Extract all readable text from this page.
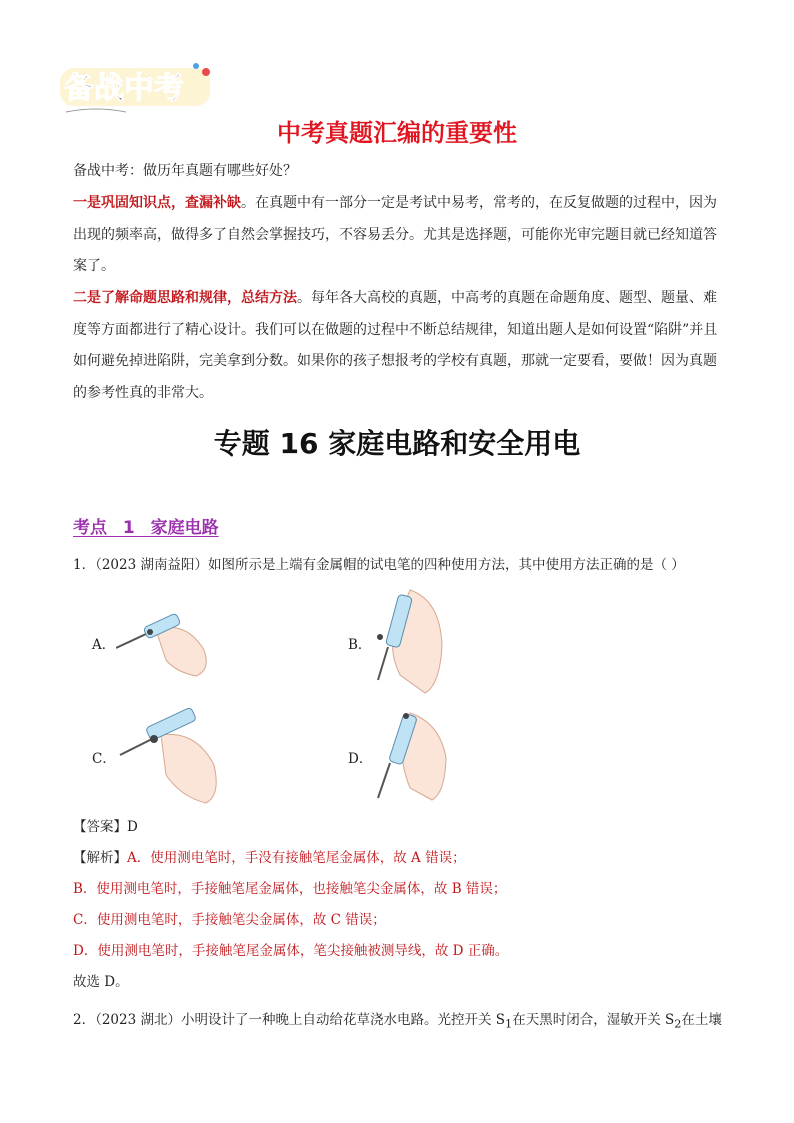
备战中考
中考真题汇编的重要性
备战中考：做历年真题有哪些好处？
一是巩固知识点，查漏补缺。在真题中有一部分一定是考试中易考，常考的，在反复做题的过程中，因为出现的频率高，做得多了自然会掌握技巧，不容易丢分。尤其是选择题，可能你光审完题目就已经知道答案了。
二是了解命题思路和规律，总结方法。每年各大高校的真题，中高考的真题在命题角度、题型、题量、难度等方面都进行了精心设计。我们可以在做题的过程中不断总结规律，知道出题人是如何设置“陷阱”并且如何避免掉进陷阱，完美拿到分数。如果你的孩子想报考的学校有真题，那就一定要看，要做！因为真题的参考性真的非常大。
专题 16 家庭电路和安全用电
考点 1 家庭电路
1．（2023 湖南益阳）如图所示是上端有金属帽的试电笔的四种使用方法，其中使用方法正确的是（ ）
A．	B．
C．	D．
【答案】D
【解析】A．使用测电笔时，手没有接触笔尾金属体，故 A 错误；
B．使用测电笔时，手接触笔尾金属体，也接触笔尖金属体，故 B 错误；
C．使用测电笔时，手接触笔尖金属体，故 C 错误；
D．使用测电笔时，手接触笔尾金属体，笔尖接触被测导线，故 D 正确。
故选 D。
2．（2023 湖北）小明设计了一种晚上自动给花草浇水电路。光控开关 $S_1$在天黑时闭合，湿敏开关 $S_2$在土壤
